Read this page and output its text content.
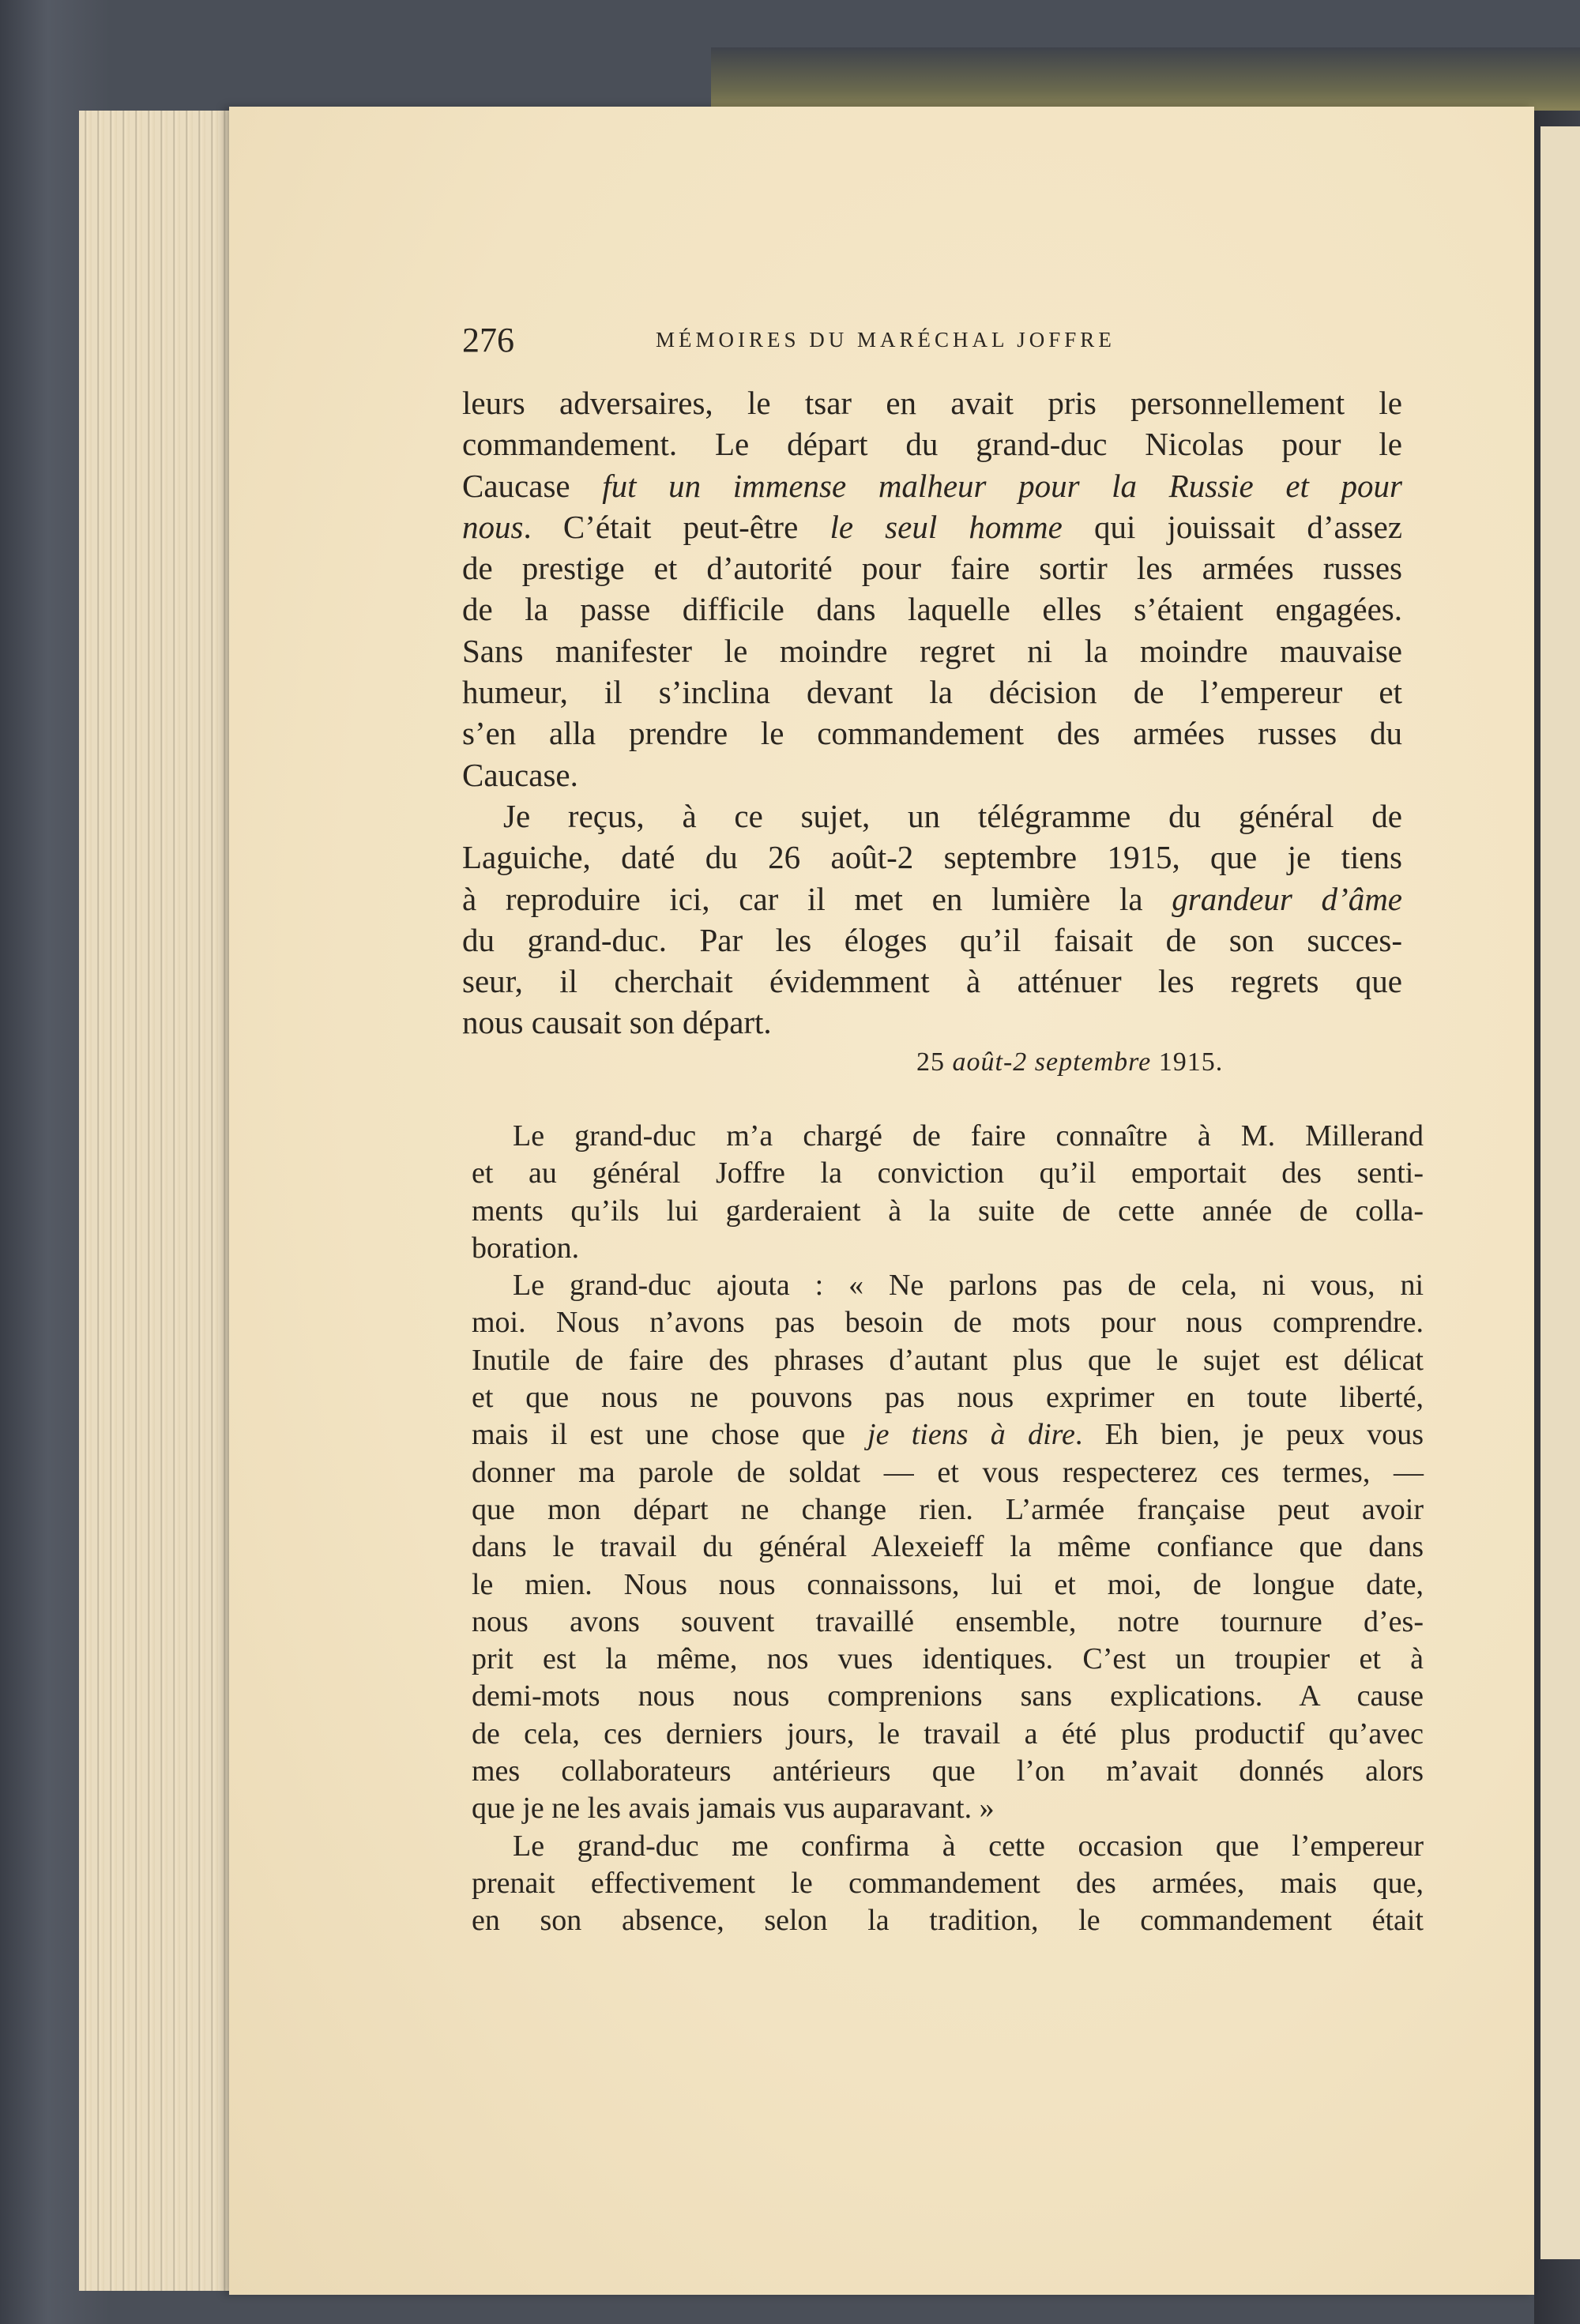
276	MÉMOIRES DU MARÉCHAL JOFFRE
leurs adversaires, le tsar en avait pris personnellement le
commandement. Le départ du grand-duc Nicolas pour le
Caucase fut un immense malheur pour la Russie et pour
nous. C’était peut-être le seul homme qui jouissait d’assez
de prestige et d’autorité pour faire sortir les armées russes
de la passe difficile dans laquelle elles s’étaient engagées.
Sans manifester le moindre regret ni la moindre mauvaise
humeur, il s’inclina devant la décision de l’empereur et
s’en alla prendre le commandement des armées russes du
Caucase.
Je reçus, à ce sujet, un télégramme du général de
Laguiche, daté du 26 août-2 septembre 1915, que je tiens
à reproduire ici, car il met en lumière la grandeur d’âme
du grand-duc. Par les éloges qu’il faisait de son succes-
seur, il cherchait évidemment à atténuer les regrets que
nous causait son départ.
25 août-2 septembre 1915.
Le grand-duc m’a chargé de faire connaître à M. Millerand
et au général Joffre la conviction qu’il emportait des senti-
ments qu’ils lui garderaient à la suite de cette année de colla-
boration.
Le grand-duc ajouta : « Ne parlons pas de cela, ni vous, ni
moi. Nous n’avons pas besoin de mots pour nous comprendre.
Inutile de faire des phrases d’autant plus que le sujet est délicat
et que nous ne pouvons pas nous exprimer en toute liberté,
mais il est une chose que je tiens à dire. Eh bien, je peux vous
donner ma parole de soldat — et vous respecterez ces termes, —
que mon départ ne change rien. L’armée française peut avoir
dans le travail du général Alexeieff la même confiance que dans
le mien. Nous nous connaissons, lui et moi, de longue date,
nous avons souvent travaillé ensemble, notre tournure d’es-
prit est la même, nos vues identiques. C’est un troupier et à
demi-mots nous nous comprenions sans explications. A cause
de cela, ces derniers jours, le travail a été plus productif qu’avec
mes collaborateurs antérieurs que l’on m’avait donnés alors
que je ne les avais jamais vus auparavant. »
Le grand-duc me confirma à cette occasion que l’empereur
prenait effectivement le commandement des armées, mais que,
en son absence, selon la tradition, le commandement était
